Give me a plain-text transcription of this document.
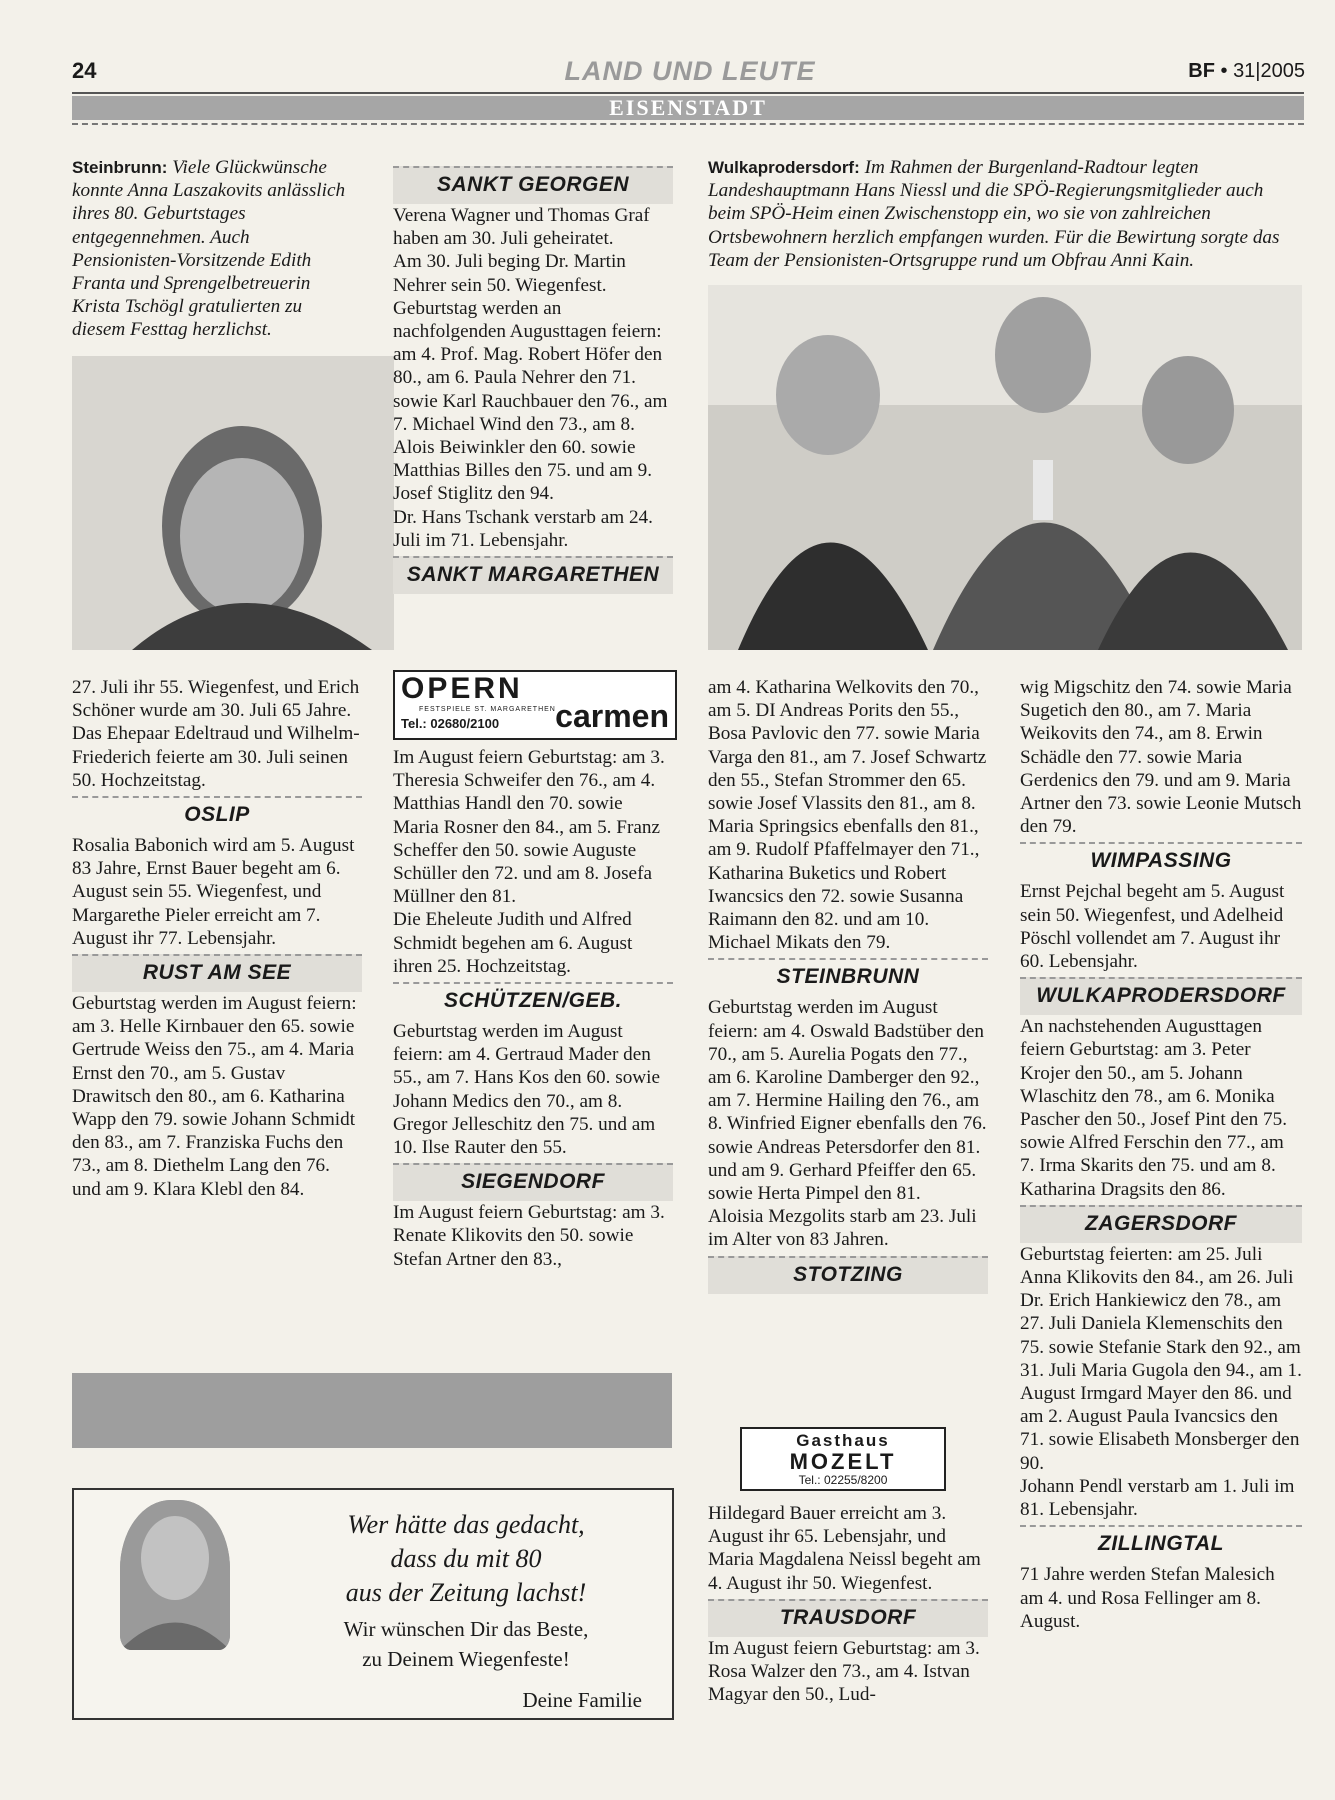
24	LAND UND LEUTE	BF • 31|2005
EISENSTADT

Steinbrunn: Viele Glückwünsche konnte Anna Laszakovits anlässlich ihres 80. Geburtstages entgegennehmen. Auch Pensionisten-Vorsitzende Edith Franta und Sprengelbetreuerin Krista Tschögl gratulierten zu diesem Festtag herzlichst.

27. Juli ihr 55. Wiegenfest, und Erich Schöner wurde am 30. Juli 65 Jahre.

Das Ehepaar Edeltraud und Wilhelm-Friederich feierte am 30. Juli seinen 50. Hochzeitstag.

OSLIP

Rosalia Babonich wird am 5. August 83 Jahre, Ernst Bauer begeht am 6. August sein 55. Wiegenfest, und Margarethe Pieler erreicht am 7. August ihr 77. Lebensjahr.

RUST AM SEE

Geburtstag werden im August feiern: am 3. Helle Kirnbauer den 65. sowie Gertrude Weiss den 75., am 4. Maria Ernst den 70., am 5. Gustav Drawitsch den 80., am 6. Katharina Wapp den 79. sowie Johann Schmidt den 83., am 7. Franziska Fuchs den 73., am 8. Diethelm Lang den 76. und am 9. Klara Klebl den 84.

SANKT GEORGEN

Verena Wagner und Thomas Graf haben am 30. Juli geheiratet.

Am 30. Juli beging Dr. Martin Nehrer sein 50. Wiegenfest.

Geburtstag werden an nachfolgenden Augusttagen feiern: am 4. Prof. Mag. Robert Höfer den 80., am 6. Paula Nehrer den 71. sowie Karl Rauchbauer den 76., am 7. Michael Wind den 73., am 8. Alois Beiwinkler den 60. sowie Matthias Billes den 75. und am 9. Josef Stiglitz den 94.

Dr. Hans Tschank verstarb am 24. Juli im 71. Lebensjahr.

SANKT MARGARETHEN
OPERN
FESTSPIELE ST. MARGARETHEN
Tel.: 02680/2100 carmen

Im August feiern Geburtstag: am 3. Theresia Schweifer den 76., am 4. Matthias Handl den 70. sowie Maria Rosner den 84., am 5. Franz Scheffer den 50. sowie Auguste Schüller den 72. und am 8. Josefa Müllner den 81.

Die Eheleute Judith und Alfred Schmidt begehen am 6. August ihren 25. Hochzeitstag.

SCHÜTZEN/GEB.

Geburtstag werden im August feiern: am 4. Gertraud Mader den 55., am 7. Hans Kos den 60. sowie Johann Medics den 70., am 8. Gregor Jelleschitz den 75. und am 10. Ilse Rauter den 55.

SIEGENDORF

Im August feiern Geburtstag: am 3. Renate Klikovits den 50. sowie Stefan Artner den 83.,

Wulkaprodersdorf: Im Rahmen der Burgenland-Radtour legten Landeshauptmann Hans Niessl und die SPÖ-Regierungsmitglieder auch beim SPÖ-Heim einen Zwischenstopp ein, wo sie von zahlreichen Ortsbewohnern herzlich empfangen wurden. Für die Bewirtung sorgte das Team der Pensionisten-Ortsgruppe rund um Obfrau Anni Kain.

am 4. Katharina Welkovits den 70., am 5. DI Andreas Porits den 55., Bosa Pavlovic den 77. sowie Maria Varga den 81., am 7. Josef Schwartz den 55., Stefan Strommer den 65. sowie Josef Vlassits den 81., am 8. Maria Springsics ebenfalls den 81., am 9. Rudolf Pfaffelmayer den 71., Katharina Buketics und Robert Iwancsics den 72. sowie Susanna Raimann den 82. und am 10. Michael Mikats den 79.

STEINBRUNN

Geburtstag werden im August feiern: am 4. Oswald Badstüber den 70., am 5. Aurelia Pogats den 77., am 6. Karoline Damberger den 92., am 7. Hermine Hailing den 76., am 8. Winfried Eigner ebenfalls den 76. sowie Andreas Petersdorfer den 81. und am 9. Gerhard Pfeiffer den 65. sowie Herta Pimpel den 81.

Aloisia Mezgolits starb am 23. Juli im Alter von 83 Jahren.

STOTZING
Gasthaus
MOZELT
Tel.: 02255/8200

Hildegard Bauer erreicht am 3. August ihr 65. Lebensjahr, und Maria Magdalena Neissl begeht am 4. August ihr 50. Wiegenfest.

TRAUSDORF

Im August feiern Geburtstag: am 3. Rosa Walzer den 73., am 4. Istvan Magyar den 50., Lud-

wig Migschitz den 74. sowie Maria Sugetich den 80., am 7. Maria Weikovits den 74., am 8. Erwin Schädle den 77. sowie Maria Gerdenics den 79. und am 9. Maria Artner den 73. sowie Leonie Mutsch den 79.

WIMPASSING

Ernst Pejchal begeht am 5. August sein 50. Wiegenfest, und Adelheid Pöschl vollendet am 7. August ihr 60. Lebensjahr.

WULKAPRODERSDORF

An nachstehenden Augusttagen feiern Geburtstag: am 3. Peter Krojer den 50., am 5. Johann Wlaschitz den 78., am 6. Monika Pascher den 50., Josef Pint den 75. sowie Alfred Ferschin den 77., am 7. Irma Skarits den 75. und am 8. Katharina Dragsits den 86.

ZAGERSDORF

Geburtstag feierten: am 25. Juli Anna Klikovits den 84., am 26. Juli Dr. Erich Hankiewicz den 78., am 27. Juli Daniela Klemenschits den 75. sowie Stefanie Stark den 92., am 31. Juli Maria Gugola den 94., am 1. August Irmgard Mayer den 86. und am 2. August Paula Ivancsics den 71. sowie Elisabeth Monsberger den 90.

Johann Pendl verstarb am 1. Juli im 81. Lebensjahr.

ZILLINGTAL

71 Jahre werden Stefan Malesich am 4. und Rosa Fellinger am 8. August.

Wer hätte das gedacht,
dass du mit 80
aus der Zeitung lachst!
Wir wünschen Dir das Beste,
zu Deinem Wiegenfeste!
Deine Familie
